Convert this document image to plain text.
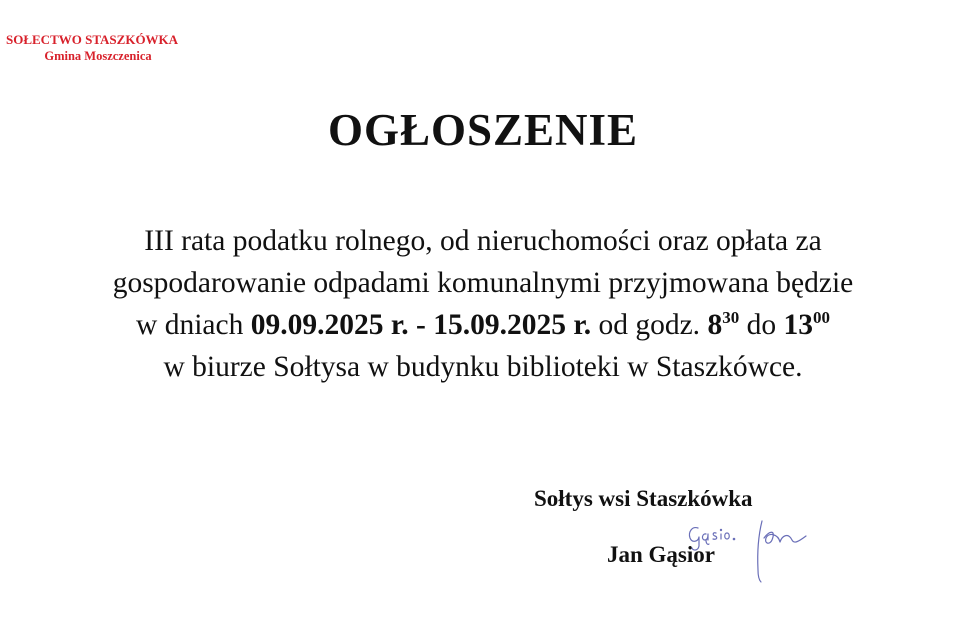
SOŁECTWO STASZKÓWKA
Gmina Moszczenica
OGŁOSZENIE
III rata podatku rolnego, od nieruchomości oraz opłata za
gospodarowanie odpadami komunalnymi przyjmowana będzie
w dniach 09.09.2025 r. - 15.09.2025 r. od godz. $8^{30}$ do $13^{00}$
w biurze Sołtysa w budynku biblioteki w Staszkówce.
Sołtys wsi Staszkówka
Jan Gąsior
